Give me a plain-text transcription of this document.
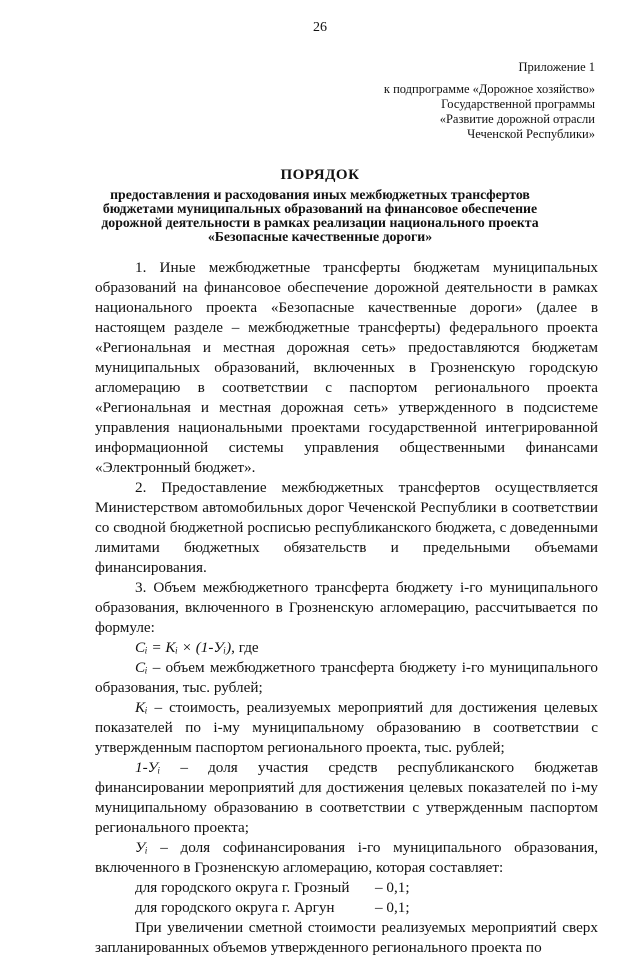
26
Приложение 1
к подпрограмме «Дорожное хозяйство»
Государственной программы
«Развитие дорожной отрасли
Чеченской Республики»
ПОРЯДОК
предоставления и расходования иных межбюджетных трансфертов бюджетами муниципальных образований на финансовое обеспечение дорожной деятельности в рамках реализации национального проекта «Безопасные качественные дороги»

1. Иные межбюджетные трансферты бюджетам муниципальных образований на финансовое обеспечение дорожной деятельности в рамках национального проекта «Безопасные качественные дороги» (далее в настоящем разделе – межбюджетные трансферты) федерального проекта «Региональная и местная дорожная сеть» предоставляются бюджетам муниципальных образований, включенных в Грозненскую городскую агломерацию в соответствии с паспортом регионального проекта «Региональная и местная дорожная сеть» утвержденного в подсистеме управления национальными проектами государственной интегрированной информационной системы управления общественными финансами «Электронный бюджет».

2. Предоставление межбюджетных трансфертов осуществляется Министерством автомобильных дорог Чеченской Республики в соответствии со сводной бюджетной росписью республиканского бюджета, с доведенными лимитами бюджетных обязательств и предельными объемами финансирования.

3. Объем межбюджетного трансферта бюджету i-го муниципального образования, включенного в Грозненскую агломерацию, рассчитывается по формуле:

Cᵢ = Kᵢ × (1-Уᵢ), где

Cᵢ – объем межбюджетного трансферта бюджету i-го муниципального образования, тыс. рублей;

Kᵢ – стоимость, реализуемых мероприятий для достижения целевых показателей по i-му муниципальному образованию в соответствии с утвержденным паспортом регионального проекта, тыс. рублей;

1-Уᵢ – доля участия средств республиканского бюджетав финансировании мероприятий для достижения целевых показателей по i-му муниципальному образованию в соответствии с утвержденным паспортом регионального проекта;

Уᵢ – доля софинансирования i-го муниципального образования, включенного в Грозненскую агломерацию, которая составляет:

для городского округа г. Грозный – 0,1;

для городского округа г. Аргун	– 0,1;

При увеличении сметной стоимости реализуемых мероприятий сверх запланированных объемов утвержденного регионального проекта по
